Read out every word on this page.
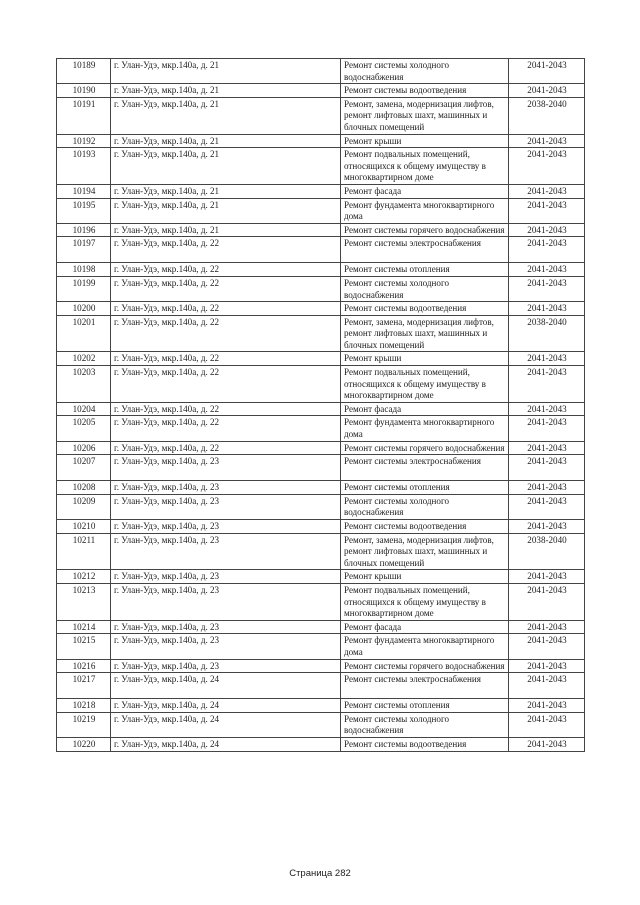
10189	г. Улан-Удэ, мкр.140а, д. 21	Ремонт системы холодного водоснабжения	2041-2043
10190	г. Улан-Удэ, мкр.140а, д. 21	Ремонт системы водоотведения	2041-2043
10191	г. Улан-Удэ, мкр.140а, д. 21	Ремонт, замена, модернизация лифтов, ремонт лифтовых шахт, машинных и блочных помещений	2038-2040
10192	г. Улан-Удэ, мкр.140а, д. 21	Ремонт крыши	2041-2043
10193	г. Улан-Удэ, мкр.140а, д. 21	Ремонт подвальных помещений, относящихся к общему имуществу в многоквартирном доме	2041-2043
10194	г. Улан-Удэ, мкр.140а, д. 21	Ремонт фасада	2041-2043
10195	г. Улан-Удэ, мкр.140а, д. 21	Ремонт фундамента многоквартирного дома	2041-2043
10196	г. Улан-Удэ, мкр.140а, д. 21	Ремонт системы горячего водоснабжения	2041-2043
10197	г. Улан-Удэ, мкр.140а, д. 22	Ремонт системы электроснабжения	2041-2043
10198	г. Улан-Удэ, мкр.140а, д. 22	Ремонт системы отопления	2041-2043
10199	г. Улан-Удэ, мкр.140а, д. 22	Ремонт системы холодного водоснабжения	2041-2043
10200	г. Улан-Удэ, мкр.140а, д. 22	Ремонт системы водоотведения	2041-2043
10201	г. Улан-Удэ, мкр.140а, д. 22	Ремонт, замена, модернизация лифтов, ремонт лифтовых шахт, машинных и блочных помещений	2038-2040
10202	г. Улан-Удэ, мкр.140а, д. 22	Ремонт крыши	2041-2043
10203	г. Улан-Удэ, мкр.140а, д. 22	Ремонт подвальных помещений, относящихся к общему имуществу в многоквартирном доме	2041-2043
10204	г. Улан-Удэ, мкр.140а, д. 22	Ремонт фасада	2041-2043
10205	г. Улан-Удэ, мкр.140а, д. 22	Ремонт фундамента многоквартирного дома	2041-2043
10206	г. Улан-Удэ, мкр.140а, д. 22	Ремонт системы горячего водоснабжения	2041-2043
10207	г. Улан-Удэ, мкр.140а, д. 23	Ремонт системы электроснабжения	2041-2043
10208	г. Улан-Удэ, мкр.140а, д. 23	Ремонт системы отопления	2041-2043
10209	г. Улан-Удэ, мкр.140а, д. 23	Ремонт системы холодного водоснабжения	2041-2043
10210	г. Улан-Удэ, мкр.140а, д. 23	Ремонт системы водоотведения	2041-2043
10211	г. Улан-Удэ, мкр.140а, д. 23	Ремонт, замена, модернизация лифтов, ремонт лифтовых шахт, машинных и блочных помещений	2038-2040
10212	г. Улан-Удэ, мкр.140а, д. 23	Ремонт крыши	2041-2043
10213	г. Улан-Удэ, мкр.140а, д. 23	Ремонт подвальных помещений, относящихся к общему имуществу в многоквартирном доме	2041-2043
10214	г. Улан-Удэ, мкр.140а, д. 23	Ремонт фасада	2041-2043
10215	г. Улан-Удэ, мкр.140а, д. 23	Ремонт фундамента многоквартирного дома	2041-2043
10216	г. Улан-Удэ, мкр.140а, д. 23	Ремонт системы горячего водоснабжения	2041-2043
10217	г. Улан-Удэ, мкр.140а, д. 24	Ремонт системы электроснабжения	2041-2043
10218	г. Улан-Удэ, мкр.140а, д. 24	Ремонт системы отопления	2041-2043
10219	г. Улан-Удэ, мкр.140а, д. 24	Ремонт системы холодного водоснабжения	2041-2043
10220	г. Улан-Удэ, мкр.140а, д. 24	Ремонт системы водоотведения	2041-2043
Страница 282
